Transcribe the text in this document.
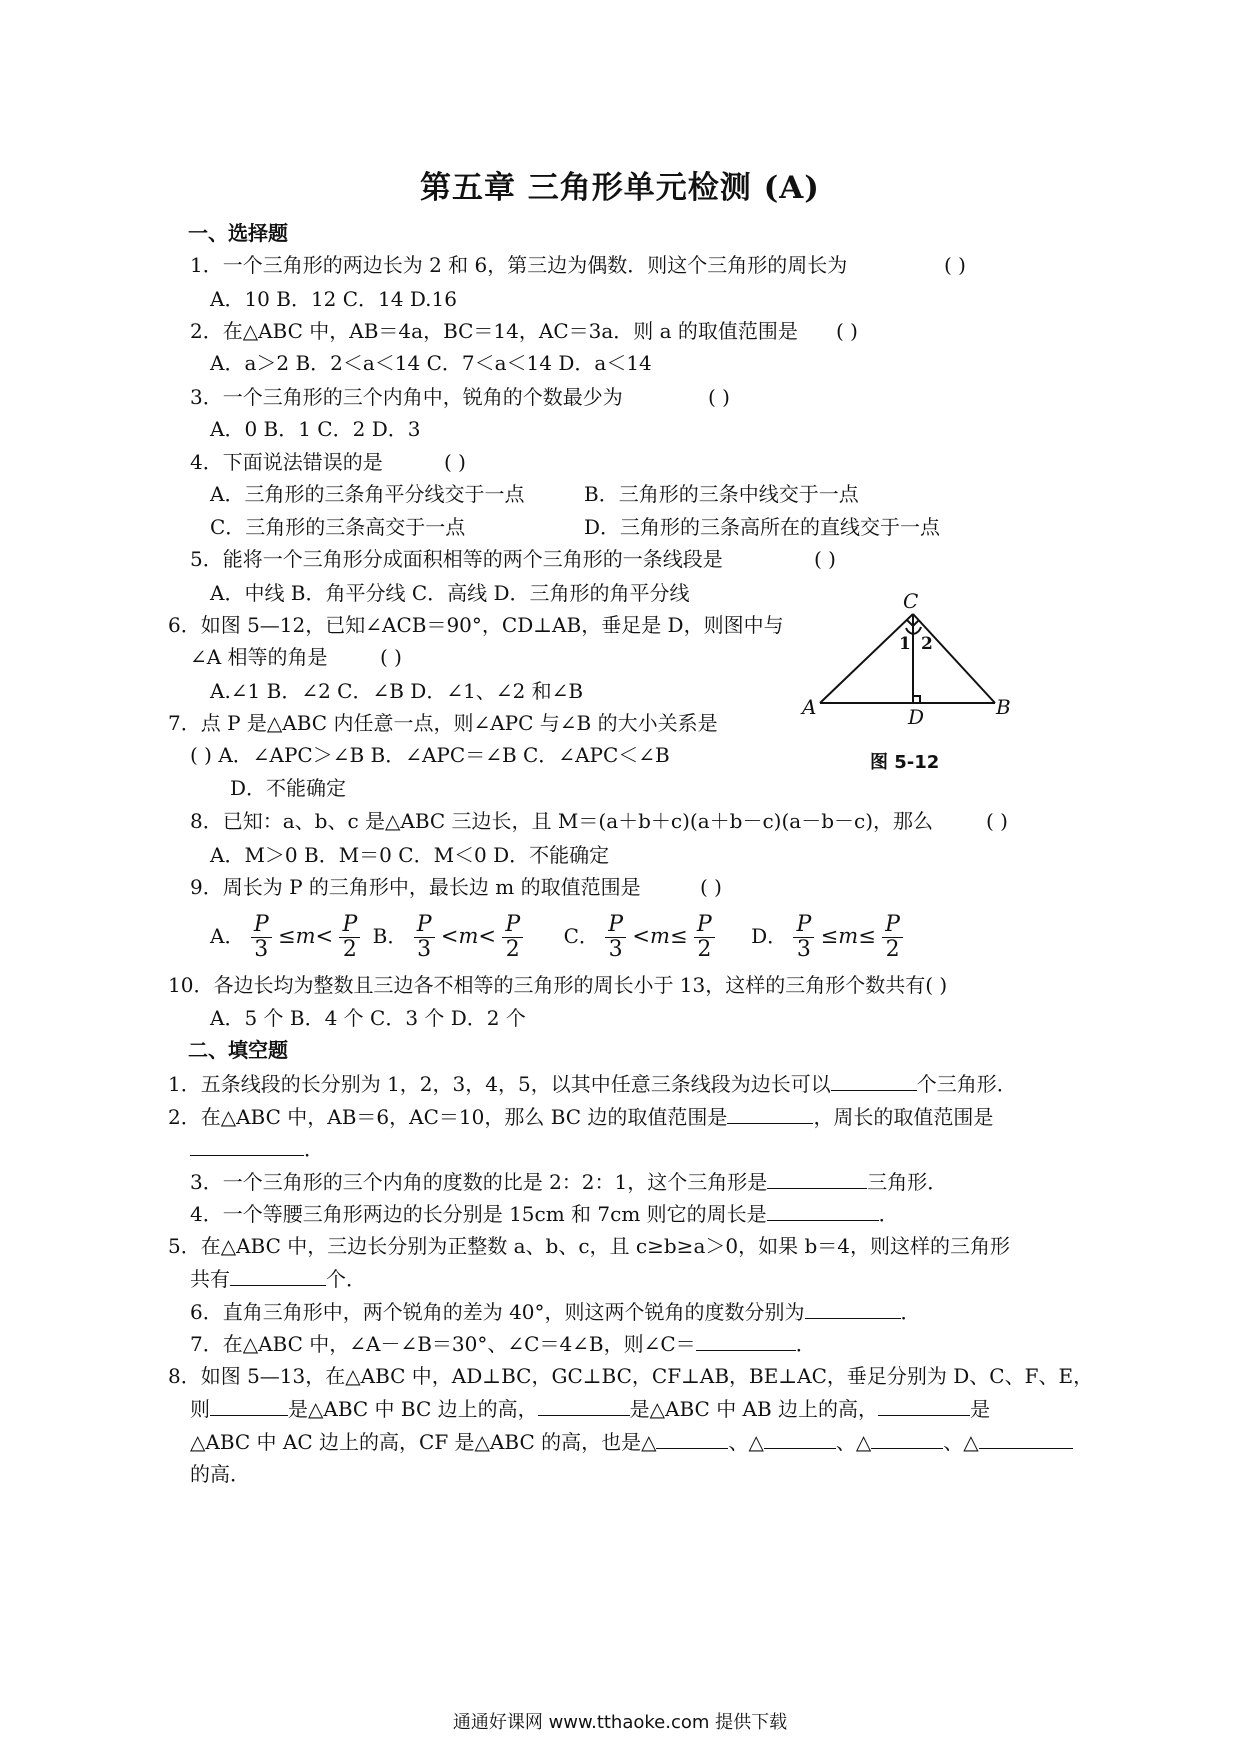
第五章 三角形单元检测 (A)
一、选择题
1．一个三角形的两边长为 2 和 6，第三边为偶数．则这个三角形的周长为	( )
A．10 B．12 C．14 D.16
2．在△ABC 中，AB＝4a，BC＝14，AC＝3a．则 a 的取值范围是 ( )
A．a＞2 B．2＜a＜14 C．7＜a＜14 D．a＜14
3．一个三角形的三个内角中，锐角的个数最少为	( )
A．0 B．1 C．2 D．3
4．下面说法错误的是	( )
A．三角形的三条角平分线交于一点	B．三角形的三条中线交于一点
C．三角形的三条高交于一点	D．三角形的三条高所在的直线交于一点
5．能将一个三角形分成面积相等的两个三角形的一条线段是	( )
A．中线 B．角平分线 C．高线 D．三角形的角平分线
6．如图 5—12，已知∠ACB＝90°，CD⊥AB，垂足是 D，则图中与
∠A 相等的角是	( )
A.∠1 B．∠2 C．∠B D．∠1、∠2 和∠B
7．点 P 是△ABC 内任意一点，则∠APC 与∠B 的大小关系是
( ) A．∠APC＞∠B B．∠APC＝∠B C．∠APC＜∠B
D．不能确定
C
A	B
D
1 2
图 5-12
8．已知：a、b、c 是△ABC 三边长，且 M＝(a＋b＋c)(a＋b－c)(a－b－c)，那么	( )
A．M＞0 B．M＝0 C．M＜0 D．不能确定
9．周长为 P 的三角形中，最长边 m 的取值范围是	( )
A． $\frac{P}{3} \le m< \frac{P}{2}$ B． $\frac{P}{3} <m< \frac{P}{2}$ C． $\frac{P}{3} <m\le \frac{P}{2}$ D． $\frac{P}{3} \le m\le \frac{P}{2}$
10．各边长均为整数且三边各不相等的三角形的周长小于 13，这样的三角形个数共有( )
A．5 个 B．4 个 C．3 个 D．2 个
二、填空题
1．五条线段的长分别为 1，2，3，4，5，以其中任意三条线段为边长可以	个三角形．
2．在△ABC 中，AB＝6，AC＝10，那么 BC 边的取值范围是	，周长的取值范围是
．
3．一个三角形的三个内角的度数的比是 2：2：1，这个三角形是	三角形．
4．一个等腰三角形两边的长分别是 15cm 和 7cm 则它的周长是	．
5．在△ABC 中，三边长分别为正整数 a、b、c，且 c≥b≥a＞0，如果 b＝4，则这样的三角形
共有	个．
6．直角三角形中，两个锐角的差为 40°，则这两个锐角的度数分别为	．
7．在△ABC 中，∠A－∠B＝30°、∠C＝4∠B，则∠C＝	．
8．如图 5—13，在△ABC 中，AD⊥BC，GC⊥BC，CF⊥AB，BE⊥AC，垂足分别为 D、C、F、E，
则	是△ABC 中 BC 边上的高，	是△ABC 中 AB 边上的高，	是
△ABC 中 AC 边上的高，CF 是△ABC 的高，也是△	、△	、△	、△
的高．
通通好课网 www.tthaoke.com 提供下载
